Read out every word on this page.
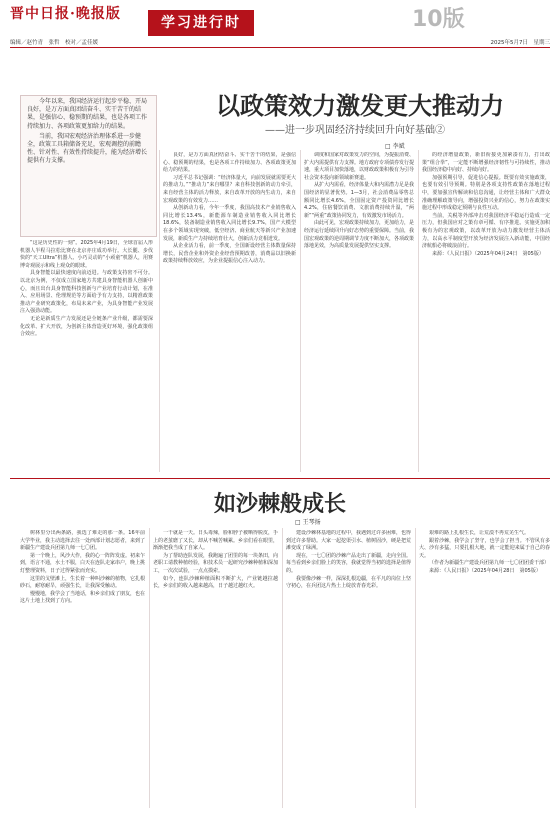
晋中日报·晚报版
学习进行时	10版
编辑／赵竹青　张哲　校对／孟佳媛	2025年5月7日　星期三
以政策效力激发更大推动力
——进一步巩固经济持续回升向好基础②
□ 李斌

今年以来，我国经济运行起步平稳、开局良好，是万方面真团结奋斗、实干苦干的结果，是强信心、稳预期的结果，也是各项工作持续加力、各项政策更加给力的结果。

当前，我国宏观经济治理体系进一步健全，政策工具箱储备充足，宏观调控的前瞻性、针对性、有效性持续提升，能为经济增长提供有力支撑。

“这是历史性的一刻”。2025年4月19日，全球首届人形机器人半程马拉松比赛在北京亦庄成功举行。大长腿、步伐快的“天工Ultra”机器人、小巧灵动的“小顽童”机器人，用赛博奇观展示和线上观众的眼球。

具身智能以最快速度向前迈进。与政策支持密不可分。以北京为例，不仅成立国家地方共建具身智能机器人创新中心，而且出台具身智能科技创新与产业培育行动计划，在准入、应用场景、伦理规范等方面给予有力支持，以精准政策推动产业研究政策化，布局未来产业，为具身智能产业发展注入强劲动能。

无论是新质生产力发展还是全链条产业升级，都需要深化改革、扩大开放，为创新主体营造更好环境，强化政策组合效应。

良好，是万方面真团结奋斗、实干苦干的结果，是强信心、稳预期的结果，也是各项工作持续加力、各项政策更加给力的结果。

习近平总书记强调：“经济体量大，向前发展就需要更大的推动力。”“推动力”来自哪里？来自科技创新的动力牵引，来自经营主体的活力释放，来自改革开放的内生动力，来自宏观政策的有效发力……

从创新动力看，今年一季度，我国高技术产业销售收入同比增长13.4%，新能源车制造业销售收入同比增长18.6%，装备制造业销售收入同比增长9.7%，国产大模型在多个领域实现突破，低空经济、商业航天等新兴产业加速发展，新质生产力持续培育壮大，创新活力竞相迸发。

从企业活力看，前一季度，全国新设经营主体数量保持增长，民营企业和外资企业经营预期改善，消费品以旧换新政策持续释放效应，为企业提振信心注入动力。

调度和国家对政策发力的空间，为提振消费、扩大内需提供有力支撑。地方政府专项债券发行提速，重大项目加快落地，以财政政策积极有为引导社会资本投向新领域新赛道。

从扩大内需看，经济体量大和内需潜力足是我国经济的显著优势。1—3月，社会消费品零售总额同比增长4.6%，全国固定资产投资同比增长4.2%，住宿餐饮消费、文旅消费持续升温，“两新”“两重”政策协同发力，有效激发市场活力。

由此可见，宏观政策持续加力，更加给力，是经济运行延续回升向好态势的重要保障。当前，我国宏观政策的逆周期调节力度不断加大，各项政策落地见效，为高质量发展提供坚实支撑。

的经济增量政策，新旧衔接更加紧凑有力，打出政策“组合拳”，一定能不断增强经济韧性与可持续性，推动我国经济稳中向好、持续向好。

加强预期引导，促进信心提振。既要有效实施政策，也要有效引导预期。特别是各项支持性政策在落地过程中，要加强宣传解读和信息沟通，让经营主体和广大群众准确理解政策导向，增强投资兴业的信心，努力在政策实施过程中形成稳定预期与良性互动。

当前，关税等外部冲击对我国经济平稳运行造成一定压力，但我国应对之策有章可循、有序推进。实施更加积极有为的宏观政策，以改革开放为动力激发经营主体活力，以高水平制度型开放为经济发展注入新动能，中国经济航船必将破浪前行。

来源：《人民日报》（2025年04月24日　第05版）

如沙棘般成长
□ 王琴扬

树林里分出两条路，我选了难走的那一条。16年前大学毕业，我主动选择去往一处西部计划志愿者，来到了新疆生产建设兵团第九师一七〇团。

第一个晚上，风沙大作，我的心一阵阵发虚。初来乍到，语言不通，水土不服，白天在连队走家串户，晚上挑灯整理资料，日子过得紧张而充实。

这里的戈壁滩上，生长着一种叫沙棘的植物，它扎根砂石，耐寒耐旱，顽强生长，让我深受触动。

慢慢地，我学会了当地话，和乡亲们成了朋友，也在这片土地上找到了方向。

一干就是一天。日头毒辣，脸和脖子被晒得脱皮，手上的老茧磨了又长，却从不喊苦喊累。乡亲们看在眼里，渐渐把我当成了自家人。

为了帮助连队发展，我跑遍了团里的每一块条田，向老职工请教种植经验，和技术员一起研究沙棘种植和深加工，一次次试验，一点点摸索。

如今，连队沙棘种植面积不断扩大，产业链越拉越长，乡亲们的收入越来越高，日子越过越红火。

建设沙棘林基地的过程中，我遇到过许多困难，也得到过许多帮助。大家一起挖渠引水、植树固沙，硬是把荒滩变成了绿洲。

现在，一七〇团的沙棘产品走出了新疆，走向全国。每当看到乡亲们脸上的笑容，我就觉得当初的选择是值得的。

我要像沙棘一样，深深扎根边疆，在平凡的岗位上坚守初心，在兵团这片热土上绽放青春光彩。

艰难的路上扎根生长，让荒漠不再荒芜生气。

跟着沙棘，我学会了坚守，也学会了担当。不管风有多大、沙有多猛，只要扎根大地，就一定能迎来属于自己的春天。

（作者为新疆生产建设兵团第九师一七〇团团委干部）

来源：《人民日报》（2025年04月28日　第05版）
